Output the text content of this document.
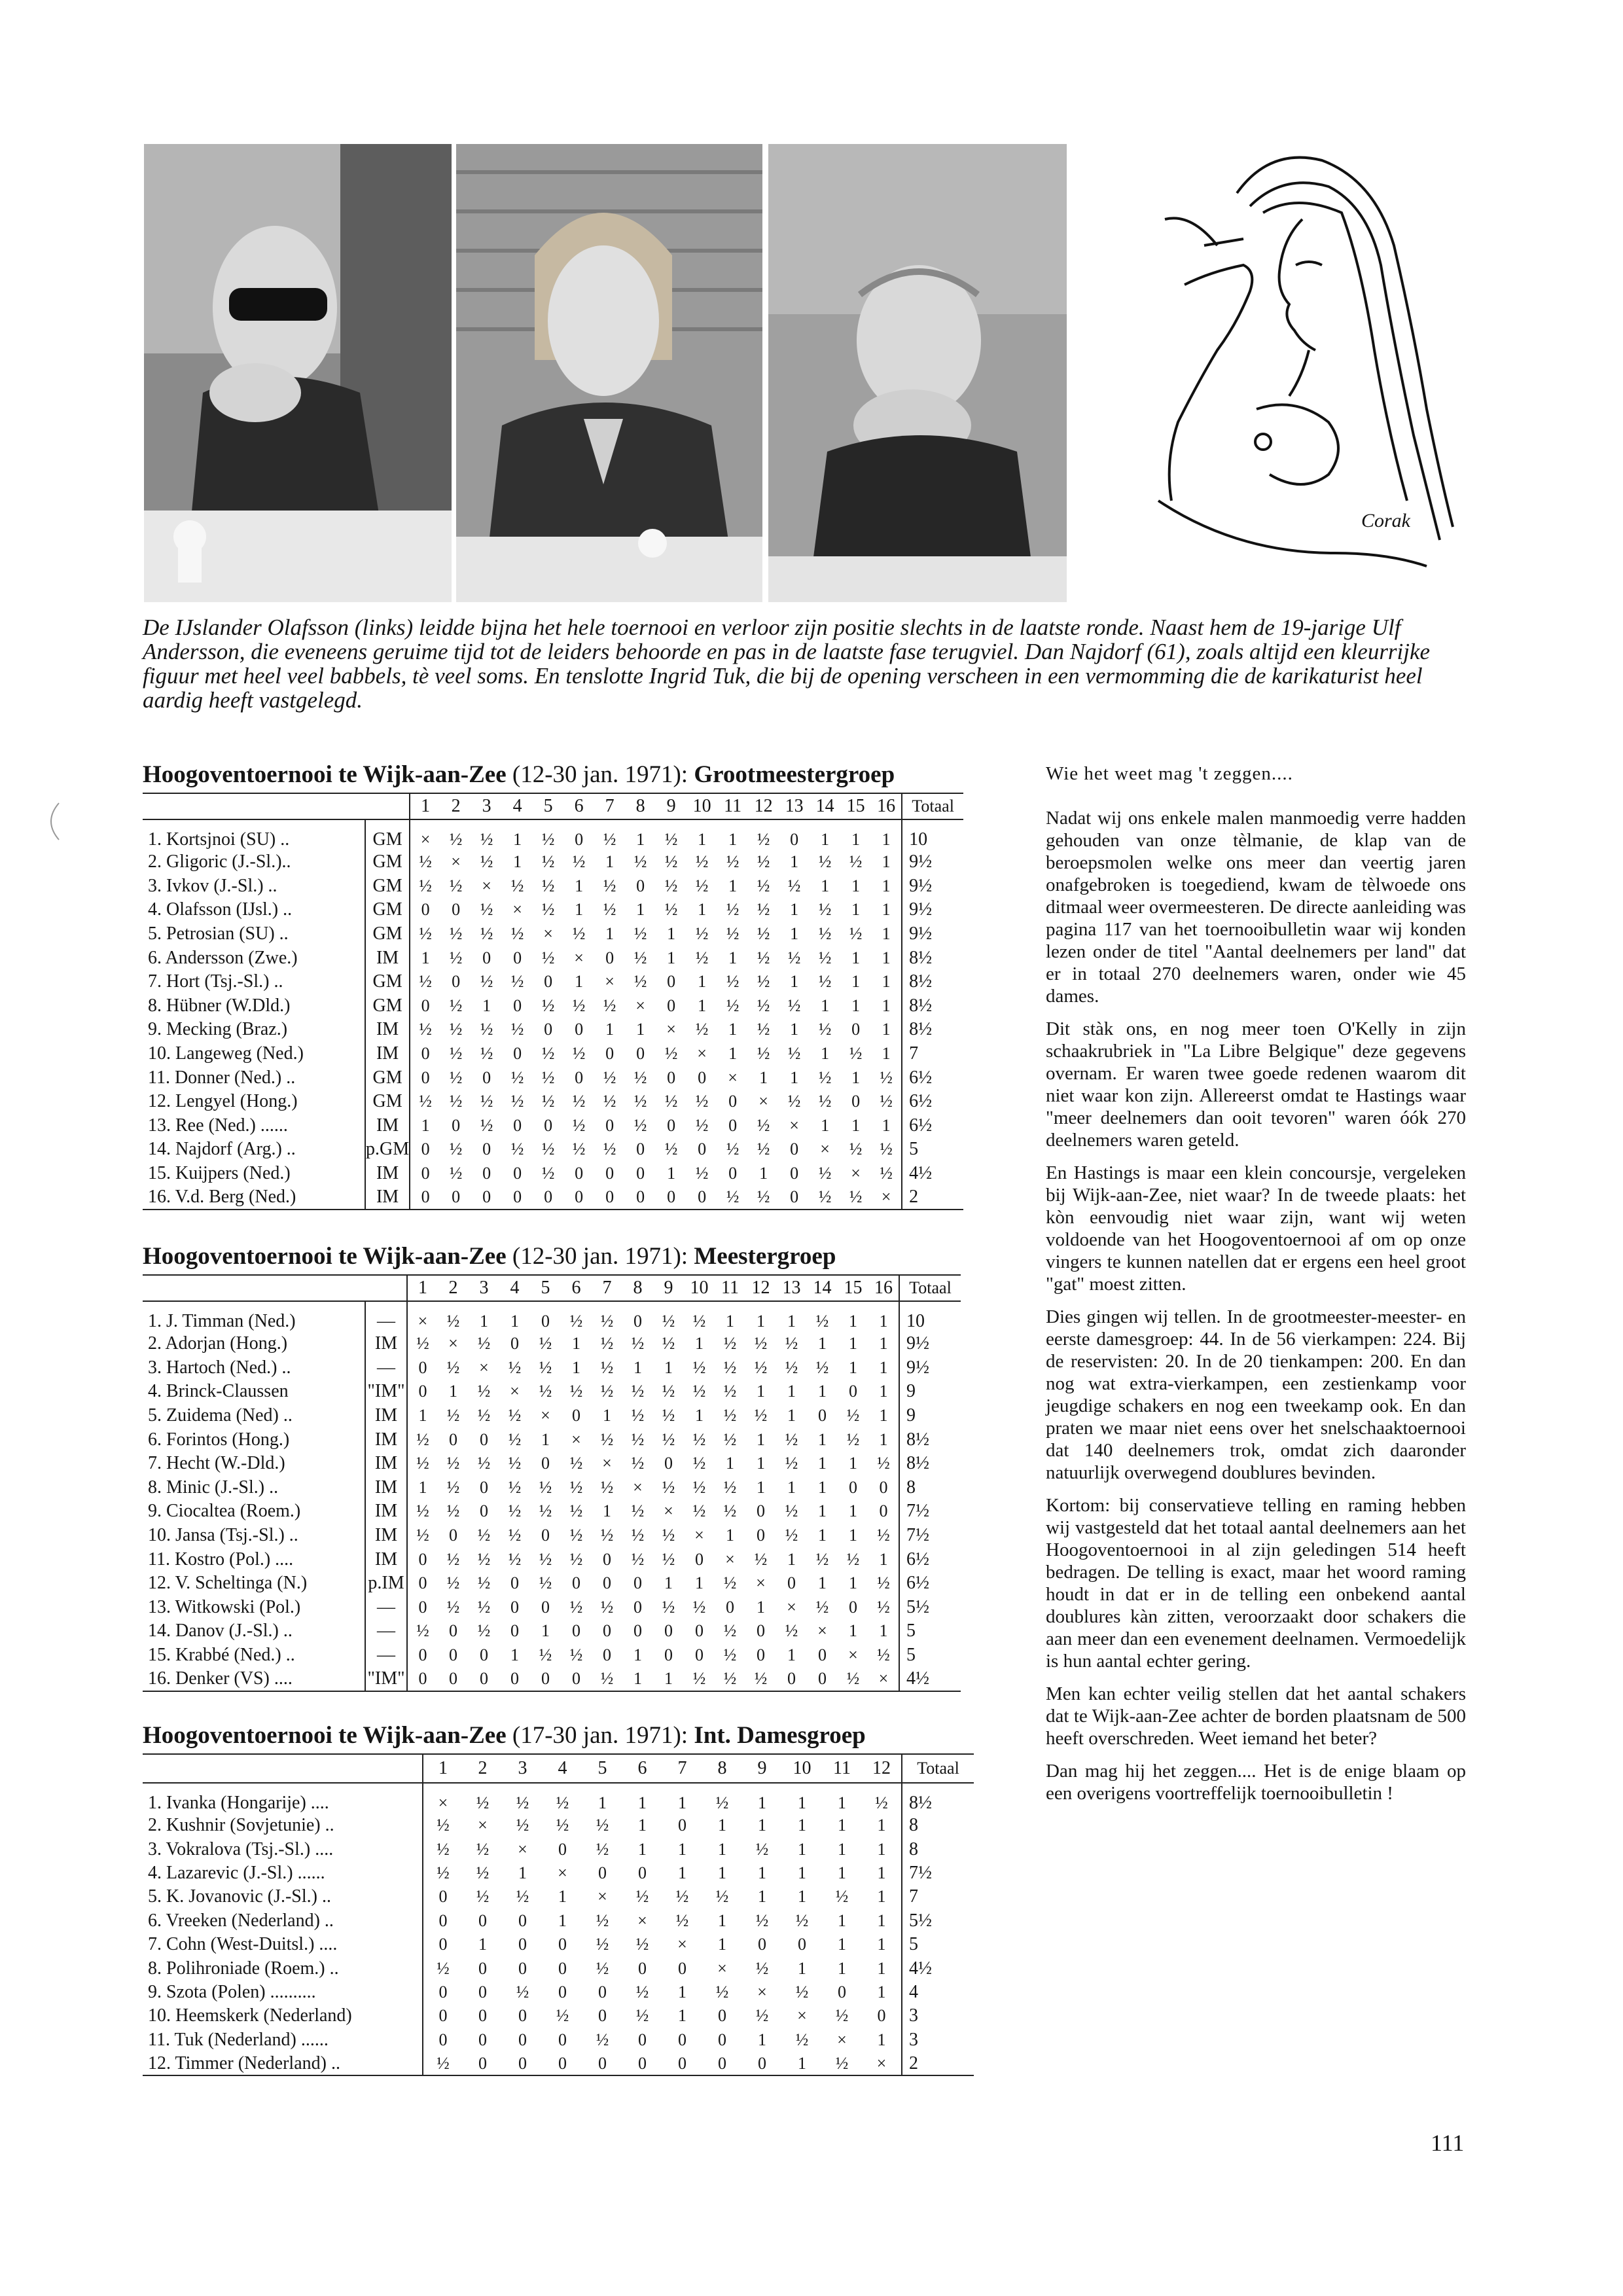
Corak
De IJslander Olafsson (links) leidde bijna het hele toernooi en verloor zijn positie slechts in de laatste ronde. Naast hem de 19-jarige Ulf Andersson, die eveneens geruime tijd tot de leiders behoorde en pas in de laatste fase terugviel. Dan Najdorf (61), zoals altijd een kleurrijke figuur met heel veel babbels, tè veel soms. En tenslotte Ingrid Tuk, die bij de opening verscheen in een vermomming die de karikaturist heel aardig heeft vastgelegd.
Hoogoventoernooi te Wijk-aan-Zee (12-30 jan. 1971): Grootmeestergroep
		1	2	3	4	5	6	7	8	9	10	11	12	13	14	15	16	Totaal
1. Kortsjnoi (SU) ..	GM	×	½	½	1	½	0	½	1	½	1	1	½	0	1	1	1	10
2. Gligoric (J.-Sl.)..	GM	½	×	½	1	½	½	1	½	½	½	½	½	1	½	½	1	9½
3. Ivkov (J.-Sl.) ..	GM	½	½	×	½	½	1	½	0	½	½	1	½	½	1	1	1	9½
4. Olafsson (IJsl.) ..	GM	0	0	½	×	½	1	½	1	½	1	½	½	1	½	1	1	9½
5. Petrosian (SU) ..	GM	½	½	½	½	×	½	1	½	1	½	½	½	1	½	½	1	9½
6. Andersson (Zwe.)	IM	1	½	0	0	½	×	0	½	1	½	1	½	½	½	1	1	8½
7. Hort (Tsj.-Sl.) ..	GM	½	0	½	½	0	1	×	½	0	1	½	½	1	½	1	1	8½
8. Hübner (W.Dld.)	GM	0	½	1	0	½	½	½	×	0	1	½	½	½	1	1	1	8½
9. Mecking (Braz.)	IM	½	½	½	½	0	0	1	1	×	½	1	½	1	½	0	1	8½
10. Langeweg (Ned.)	IM	0	½	½	0	½	½	0	0	½	×	1	½	½	1	½	1	7
11. Donner (Ned.) ..	GM	0	½	0	½	½	0	½	½	0	0	×	1	1	½	1	½	6½
12. Lengyel (Hong.)	GM	½	½	½	½	½	½	½	½	½	½	0	×	½	½	0	½	6½
13. Ree (Ned.) ......	IM	1	0	½	0	0	½	0	½	0	½	0	½	×	1	1	1	6½
14. Najdorf (Arg.) ..	p.GM	0	½	0	½	½	½	½	0	½	0	½	½	0	×	½	½	5
15. Kuijpers (Ned.)	IM	0	½	0	0	½	0	0	0	1	½	0	1	0	½	×	½	4½
16. V.d. Berg (Ned.)	IM	0	0	0	0	0	0	0	0	0	0	½	½	0	½	½	×	2
Hoogoventoernooi te Wijk-aan-Zee (12-30 jan. 1971): Meestergroep
		1	2	3	4	5	6	7	8	9	10	11	12	13	14	15	16	Totaal
1. J. Timman (Ned.)	—	×	½	1	1	0	½	½	0	½	½	1	1	1	½	1	1	10
2. Adorjan (Hong.)	IM	½	×	½	0	½	1	½	½	½	1	½	½	½	1	1	1	9½
3. Hartoch (Ned.) ..	—	0	½	×	½	½	1	½	1	1	½	½	½	½	½	1	1	9½
4. Brinck-Claussen	"IM"	0	1	½	×	½	½	½	½	½	½	½	1	1	1	0	1	9
5. Zuidema (Ned) ..	IM	1	½	½	½	×	0	1	½	½	1	½	½	1	0	½	1	9
6. Forintos (Hong.)	IM	½	0	0	½	1	×	½	½	½	½	½	1	½	1	½	1	8½
7. Hecht (W.-Dld.)	IM	½	½	½	½	0	½	×	½	0	½	1	1	½	1	1	½	8½
8. Minic (J.-Sl.) ..	IM	1	½	0	½	½	½	½	×	½	½	½	1	1	1	0	0	8
9. Ciocaltea (Roem.)	IM	½	½	0	½	½	½	1	½	×	½	½	0	½	1	1	0	7½
10. Jansa (Tsj.-Sl.) ..	IM	½	0	½	½	0	½	½	½	½	×	1	0	½	1	1	½	7½
11. Kostro (Pol.) ....	IM	0	½	½	½	½	½	0	½	½	0	×	½	1	½	½	1	6½
12. V. Scheltinga (N.)	p.IM	0	½	½	0	½	0	0	0	1	1	½	×	0	1	1	½	6½
13. Witkowski (Pol.)	—	0	½	½	0	0	½	½	0	½	½	0	1	×	½	0	½	5½
14. Danov (J.-Sl.) ..	—	½	0	½	0	1	0	0	0	0	0	½	0	½	×	1	1	5
15. Krabbé (Ned.) ..	—	0	0	0	1	½	½	0	1	0	0	½	0	1	0	×	½	5
16. Denker (VS) ....	"IM"	0	0	0	0	0	0	½	1	1	½	½	½	0	0	½	×	4½
Hoogoventoernooi te Wijk-aan-Zee (17-30 jan. 1971): Int. Damesgroep
	1	2	3	4	5	6	7	8	9	10	11	12	Totaal
1. Ivanka (Hongarije) ....	×	½	½	½	1	1	1	½	1	1	1	½	8½
2. Kushnir (Sovjetunie) ..	½	×	½	½	½	1	0	1	1	1	1	1	8
3. Vokralova (Tsj.-Sl.) ....	½	½	×	0	½	1	1	1	½	1	1	1	8
4. Lazarevic (J.-Sl.) ......	½	½	1	×	0	0	1	1	1	1	1	1	7½
5. K. Jovanovic (J.-Sl.) ..	0	½	½	1	×	½	½	½	1	1	½	1	7
6. Vreeken (Nederland) ..	0	0	0	1	½	×	½	1	½	½	1	1	5½
7. Cohn (West-Duitsl.) ....	0	1	0	0	½	½	×	1	0	0	1	1	5
8. Polihroniade (Roem.) ..	½	0	0	0	½	0	0	×	½	1	1	1	4½
9. Szota (Polen) ..........	0	0	½	0	0	½	1	½	×	½	0	1	4
10. Heemskerk (Nederland)	0	0	0	½	0	½	1	0	½	×	½	0	3
11. Tuk (Nederland) ......	0	0	0	0	½	0	0	0	1	½	×	1	3
12. Timmer (Nederland) ..	½	0	0	0	0	0	0	0	0	1	½	×	2
Wie het weet mag 't zeggen....

Nadat wij ons enkele malen manmoedig verre hadden gehouden van onze tèlmanie, de klap van de beroepsmolen welke ons meer dan veertig jaren onafgebroken is toegediend, kwam de tèlwoede ons ditmaal weer overmeesteren. De directe aanleiding was pagina 117 van het toernooibulletin waar wij konden lezen onder de titel "Aantal deelnemers per land" dat er in totaal 270 deelnemers waren, onder wie 45 dames.

Dit stàk ons, en nog meer toen O'Kelly in zijn schaakrubriek in "La Libre Belgique" deze gegevens overnam. Er waren twee goede redenen waarom dit niet waar kon zijn. Allereerst omdat te Hastings waar "meer deelnemers dan ooit tevoren" waren óók 270 deelnemers waren geteld.

En Hastings is maar een klein concoursje, vergeleken bij Wijk-aan-Zee, niet waar? In de tweede plaats: het kòn eenvoudig niet waar zijn, want wij weten voldoende van het Hoogoventoernooi af om op onze vingers te kunnen natellen dat er ergens een heel groot "gat" moest zitten.

Dies gingen wij tellen. In de grootmeester-meester- en eerste damesgroep: 44. In de 56 vierkampen: 224. Bij de reservisten: 20. In de 20 tienkampen: 200. En dan nog wat extra-vierkampen, een zestienkamp voor jeugdige schakers en nog een tweekamp ook. En dan praten we maar niet eens over het snelschaaktoernooi dat 140 deelnemers trok, omdat zich daaronder natuurlijk overwegend doublures bevinden.

Kortom: bij conservatieve telling en raming hebben wij vastgesteld dat het totaal aantal deelnemers aan het Hoogoventoernooi in al zijn geledingen 514 heeft bedragen. De telling is exact, maar het woord raming houdt in dat er in de telling een onbekend aantal doublures kàn zitten, veroorzaakt door schakers die aan meer dan een evenement deelnamen. Vermoedelijk is hun aantal echter gering.

Men kan echter veilig stellen dat het aantal schakers dat te Wijk-aan-Zee achter de borden plaatsnam de 500 heeft overschreden. Weet iemand het beter?

Dan mag hij het zeggen.... Het is de enige blaam op een overigens voortreffelijk toernooibulletin !

111
